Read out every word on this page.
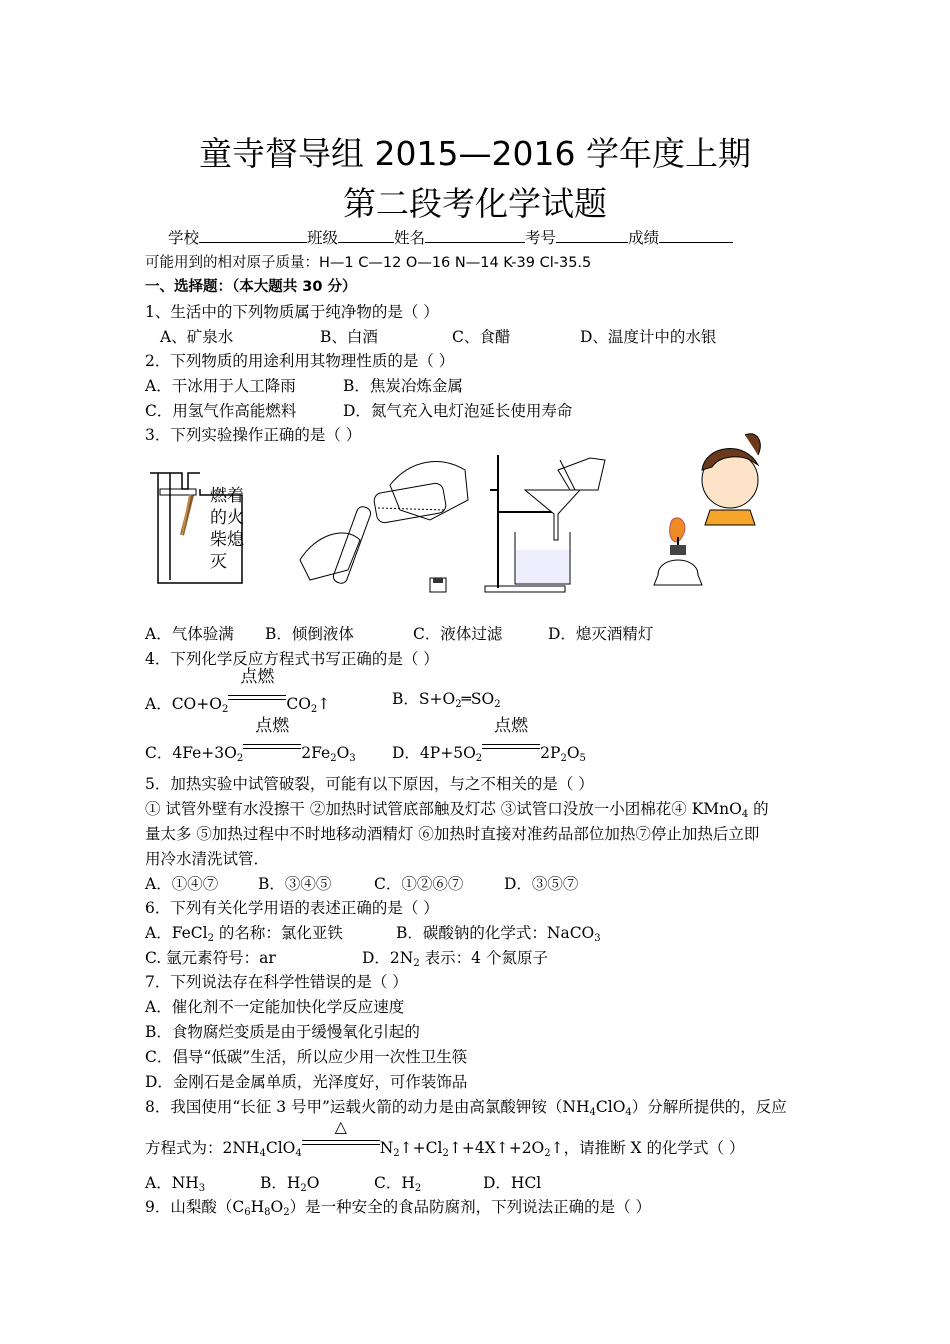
童寺督导组 2015—2016 学年度上期
第二段考化学试题
学校	班级	姓名	考号	成绩
可能用到的相对原子质量：H—1 C—12 O—16 N—14 K-39 Cl-35.5
一、选择题：（本大题共 30 分）
1、生活中的下列物质属于纯净物的是（ ）
A、矿泉水	B、白酒	C、食醋	D、温度计中的水银
2．下列物质的用途利用其物理性质的是（ ）
A．干冰用于人工降雨	B．焦炭冶炼金属
C．用氢气作高能燃料	D．氮气充入电灯泡延长使用寿命
3．下列实验操作正确的是（ ）
燃着
的火
柴熄
灭
A．气体验满 B．倾倒液体	C．液体过滤	D．熄灭酒精灯
4．下列化学反应方程式书写正确的是（ ）
A．$CO+O_2$
点燃
$CO_2↑$	B．$S+O_2═SO_2$
C．$4Fe+3O_2$
点燃
$2Fe_2O_3$ D．$4P+5O_2$
点燃
$2P_2O_5$
5．加热实验中试管破裂，可能有以下原因，与之不相关的是（ ）
① 试管外壁有水没擦干 ②加热时试管底部触及灯芯 ③试管口没放一小团棉花④ KMnO$_4$ 的
量太多 ⑤加热过程中不时地移动酒精灯 ⑥加热时直接对准药品部位加热⑦停止加热后立即
用冷水清洗试管．
A．①④⑦	B．③④⑤	C．①②⑥⑦	D．③⑤⑦
6．下列有关化学用语的表述正确的是（ ）
A．FeCl$_2$ 的名称：氯化亚铁	B．碳酸钠的化学式：NaCO$_3$
C. 氩元素符号：ar	D．$2N_2$ 表示：4 个氮原子
7．下列说法存在科学性错误的是（ ）
A．催化剂不一定能加快化学反应速度
B．食物腐烂变质是由于缓慢氧化引起的
C．倡导“低碳”生活，所以应少用一次性卫生筷
D．金刚石是金属单质，光泽度好，可作装饰品
8．我国使用“长征 3 号甲”运载火箭的动力是由高氯酸钾铵$(NH_4ClO_4)$分解所提供的，反应
方程式为：$2NH_4ClO_4$
△
$N_2↑+Cl_2↑+4X↑+2O_2↑$，请推断 X 的化学式（ ）
A．$NH_3$	B．$H_2O$	C．$H_2$	D．HCl
9．山梨酸$(C_6H_8O_2)$是一种安全的食品防腐剂，下列说法正确的是（ ）
